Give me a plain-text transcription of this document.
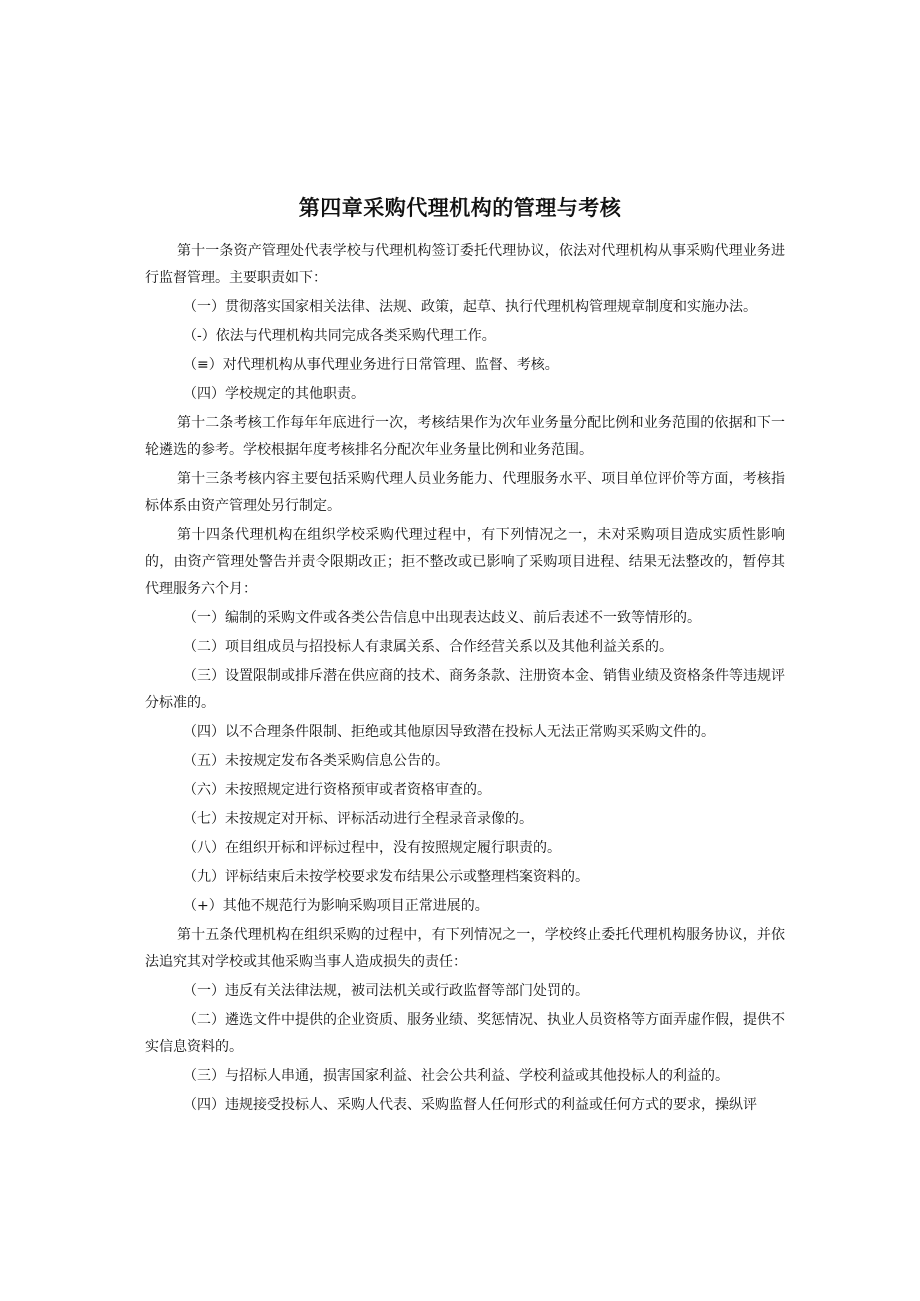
第四章采购代理机构的管理与考核

第十一条资产管理处代表学校与代理机构签订委托代理协议，依法对代理机构从事采购代理业务进行监督管理。主要职责如下：

（一）贯彻落实国家相关法律、法规、政策，起草、执行代理机构管理规章制度和实施办法。

（-）依法与代理机构共同完成各类采购代理工作。

（≡）对代理机构从事代理业务进行日常管理、监督、考核。

（四）学校规定的其他职责。

第十二条考核工作每年年底进行一次，考核结果作为次年业务量分配比例和业务范围的依据和下一轮遴选的参考。学校根据年度考核排名分配次年业务量比例和业务范围。

第十三条考核内容主要包括采购代理人员业务能力、代理服务水平、项目单位评价等方面，考核指标体系由资产管理处另行制定。

第十四条代理机构在组织学校采购代理过程中，有下列情况之一，未对采购项目造成实质性影响的，由资产管理处警告并责令限期改正；拒不整改或已影响了采购项目进程、结果无法整改的，暂停其代理服务六个月：

（一）编制的采购文件或各类公告信息中出现表达歧义、前后表述不一致等情形的。

（二）项目组成员与招投标人有隶属关系、合作经营关系以及其他利益关系的。

（三）设置限制或排斥潜在供应商的技术、商务条款、注册资本金、销售业绩及资格条件等违规评分标准的。

（四）以不合理条件限制、拒绝或其他原因导致潜在投标人无法正常购买采购文件的。

（五）未按规定发布各类采购信息公告的。

（六）未按照规定进行资格预审或者资格审查的。

（七）未按规定对开标、评标活动进行全程录音录像的。

（八）在组织开标和评标过程中，没有按照规定履行职责的。

（九）评标结束后未按学校要求发布结果公示或整理档案资料的。

（+）其他不规范行为影响采购项目正常进展的。

第十五条代理机构在组织采购的过程中，有下列情况之一，学校终止委托代理机构服务协议，并依法追究其对学校或其他采购当事人造成损失的责任：

（一）违反有关法律法规，被司法机关或行政监督等部门处罚的。

（二）遴选文件中提供的企业资质、服务业绩、奖惩情况、执业人员资格等方面弄虚作假，提供不实信息资料的。

（三）与招标人串通，损害国家利益、社会公共利益、学校利益或其他投标人的利益的。

（四）违规接受投标人、采购人代表、采购监督人任何形式的利益或任何方式的要求，操纵评
